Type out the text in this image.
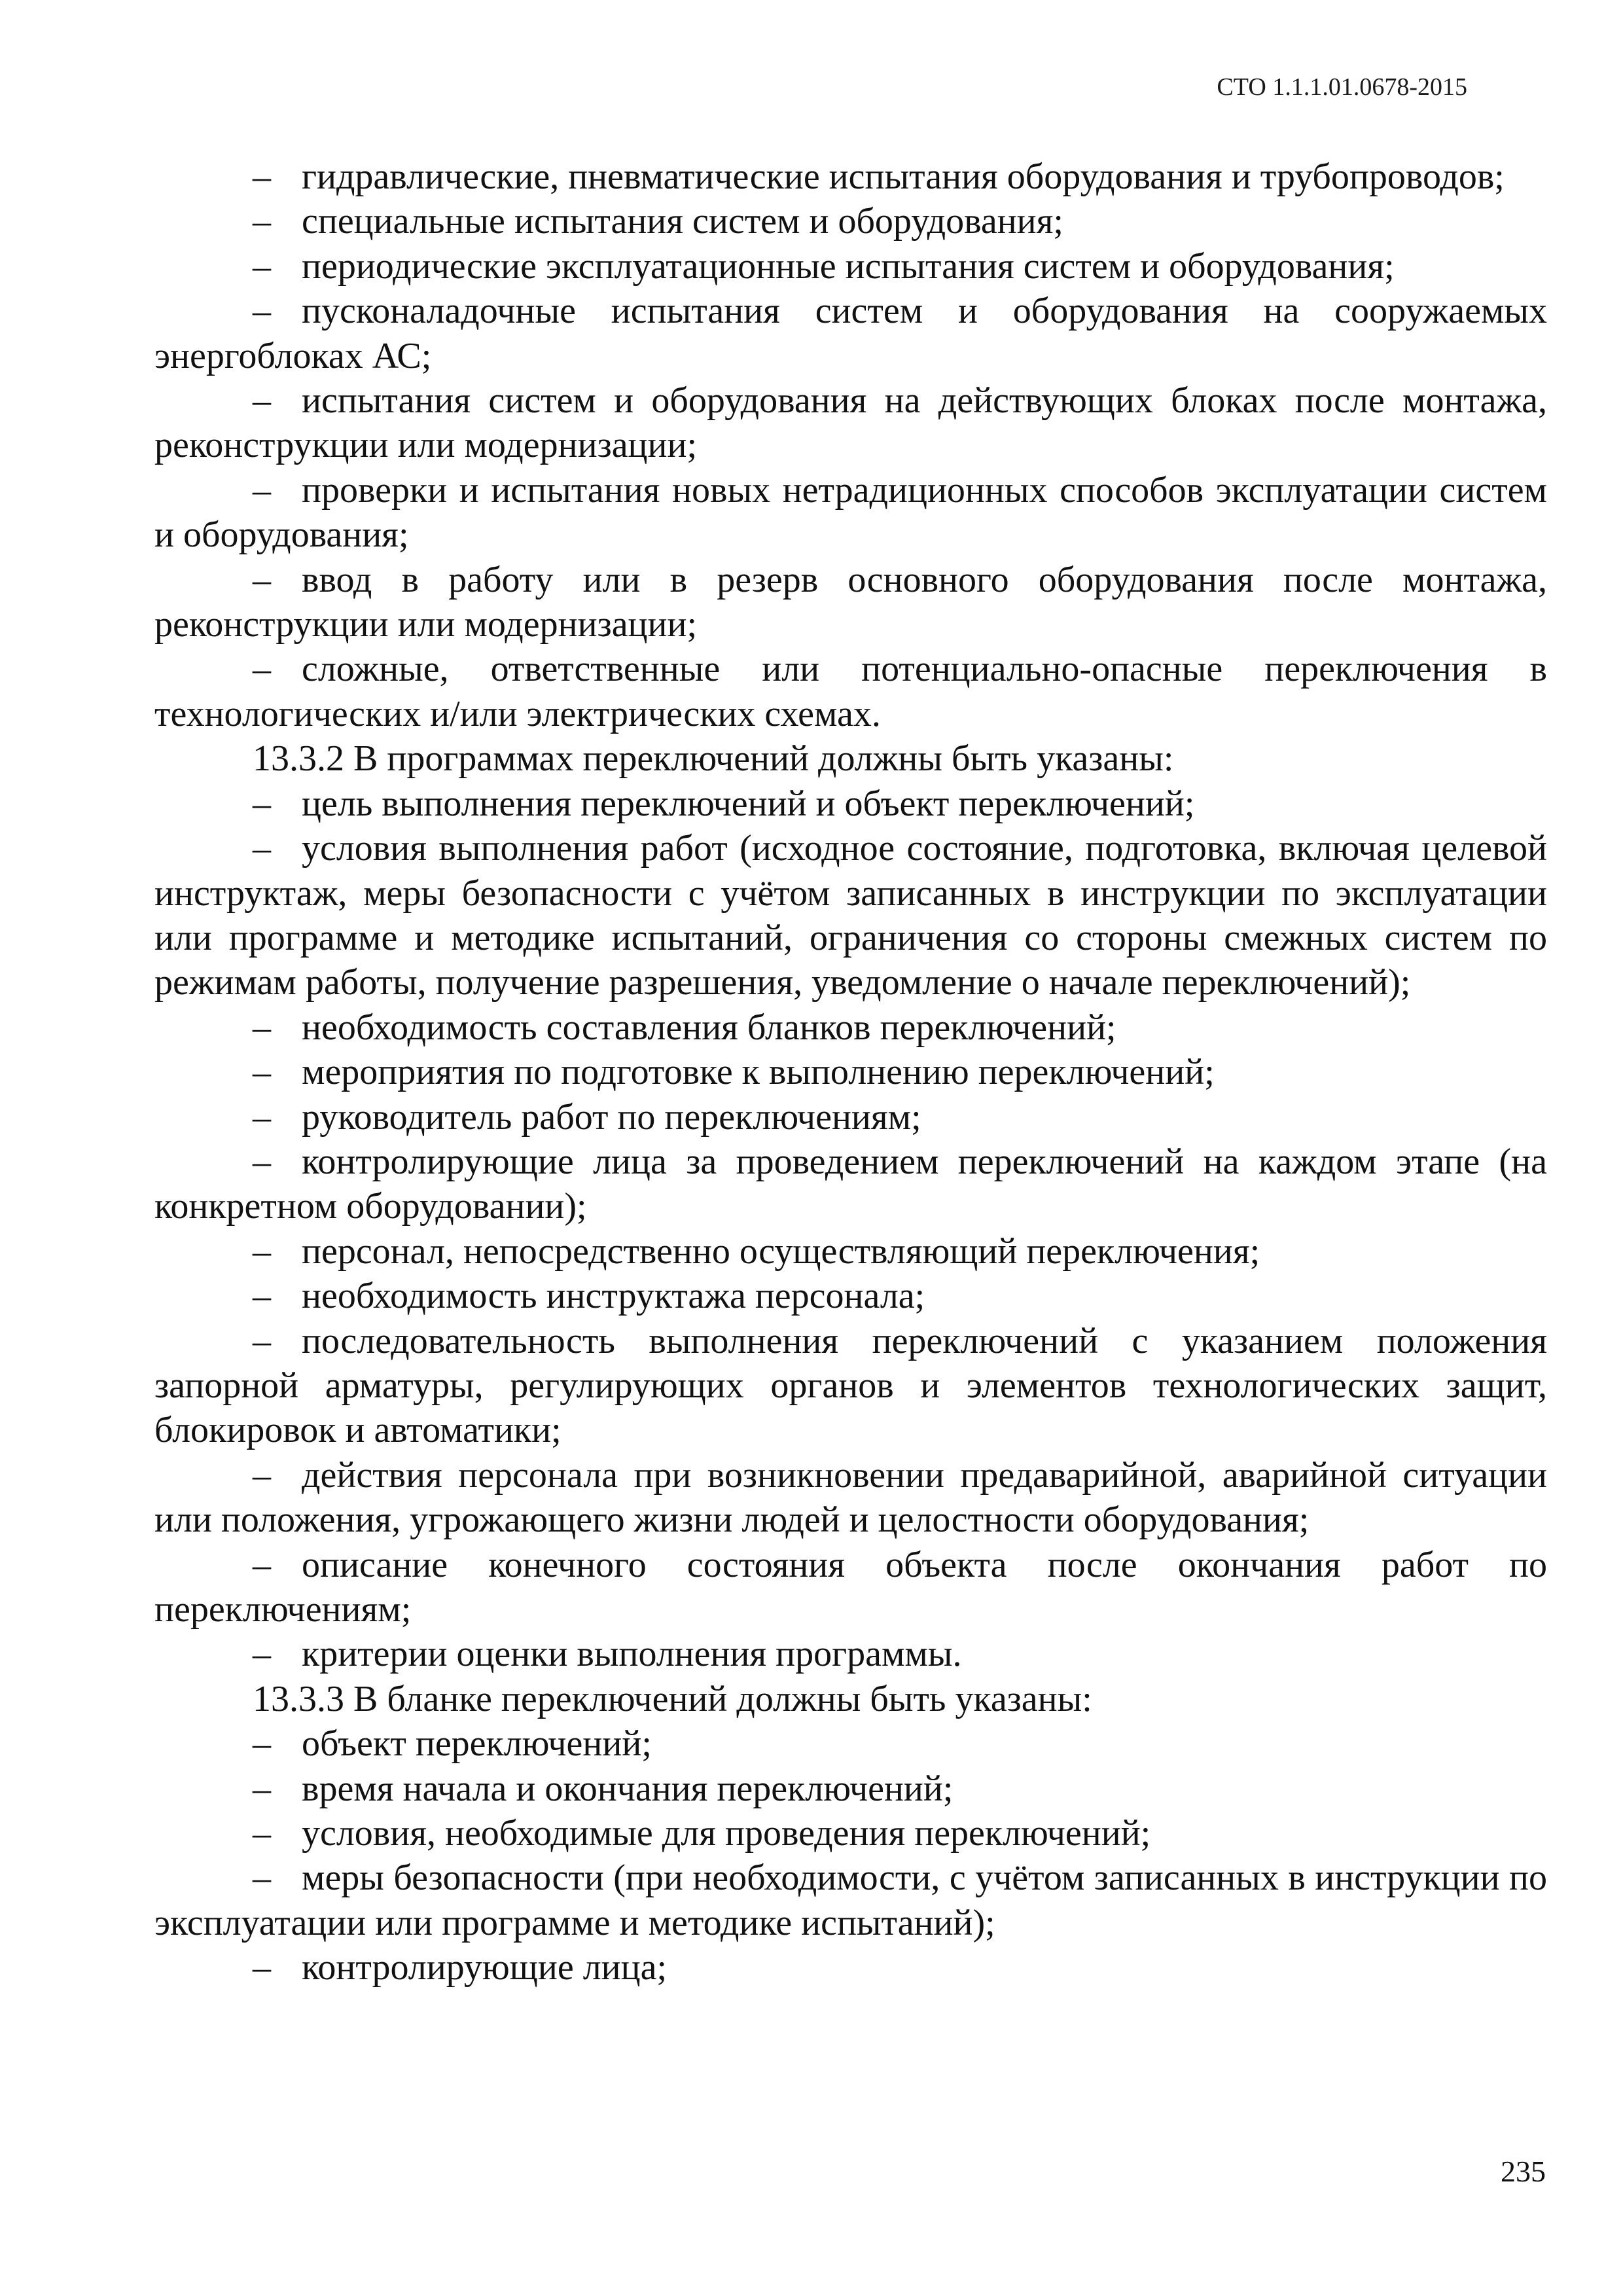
СТО 1.1.1.01.0678-2015

– гидравлические, пневматические испытания оборудования и трубопроводов;

– специальные испытания систем и оборудования;

– периодические эксплуатационные испытания систем и оборудования;

– пусконаладочные испытания систем и оборудования на сооружаемых энергоблоках АС;

– испытания систем и оборудования на действующих блоках после монтажа, реконструкции или модернизации;

– проверки и испытания новых нетрадиционных способов эксплуатации систем и оборудования;

– ввод в работу или в резерв основного оборудования после монтажа, реконструкции или модернизации;

– сложные, ответственные или потенциально-опасные переключения в технологических и/или электрических схемах.

13.3.2 В программах переключений должны быть указаны:

– цель выполнения переключений и объект переключений;

– условия выполнения работ (исходное состояние, подготовка, включая целевой инструктаж, меры безопасности с учётом записанных в инструкции по эксплуатации или программе и методике испытаний, ограничения со стороны смежных систем по режимам работы, получение разрешения, уведомление о начале переключений);

– необходимость составления бланков переключений;

– мероприятия по подготовке к выполнению переключений;

– руководитель работ по переключениям;

– контролирующие лица за проведением переключений на каждом этапе (на конкретном оборудовании);

– персонал, непосредственно осуществляющий переключения;

– необходимость инструктажа персонала;

– последовательность выполнения переключений с указанием положения запорной арматуры, регулирующих органов и элементов технологических защит, блокировок и автоматики;

– действия персонала при возникновении предаварийной, аварийной ситуации или положения, угрожающего жизни людей и целостности оборудования;

– описание конечного состояния объекта после окончания работ по переключениям;

– критерии оценки выполнения программы.

13.3.3 В бланке переключений должны быть указаны:

– объект переключений;

– время начала и окончания переключений;

– условия, необходимые для проведения переключений;

– меры безопасности (при необходимости, с учётом записанных в инструкции по эксплуатации или программе и методике испытаний);

– контролирующие лица;

235
